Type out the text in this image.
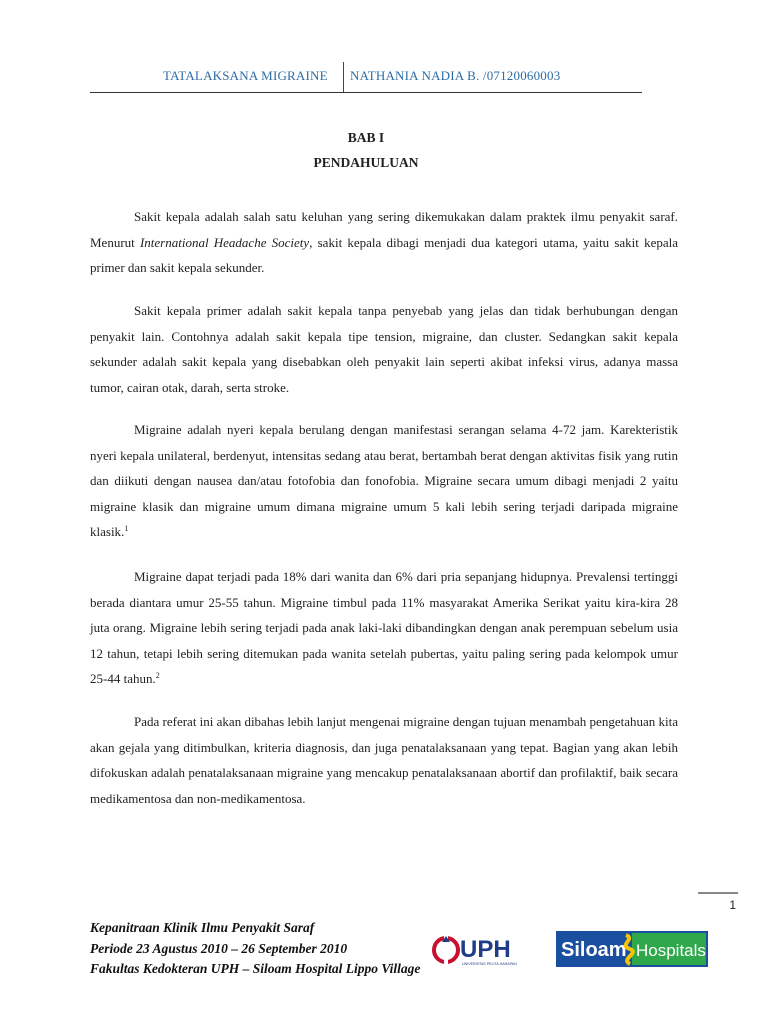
TATALAKSANA MIGRAINE NATHANIA NADIA B. /07120060003
BAB I
PENDAHULUAN

Sakit kepala adalah salah satu keluhan yang sering dikemukakan dalam praktek ilmu penyakit saraf. Menurut International Headache Society, sakit kepala dibagi menjadi dua kategori utama, yaitu sakit kepala primer dan sakit kepala sekunder.

Sakit kepala primer adalah sakit kepala tanpa penyebab yang jelas dan tidak berhubungan dengan penyakit lain. Contohnya adalah sakit kepala tipe tension, migraine, dan cluster. Sedangkan sakit kepala sekunder adalah sakit kepala yang disebabkan oleh penyakit lain seperti akibat infeksi virus, adanya massa tumor, cairan otak, darah, serta stroke.

Migraine adalah nyeri kepala berulang dengan manifestasi serangan selama 4-72 jam. Karekteristik nyeri kepala unilateral, berdenyut, intensitas sedang atau berat, bertambah berat dengan aktivitas fisik yang rutin dan diikuti dengan nausea dan/atau fotofobia dan fonofobia. Migraine secara umum dibagi menjadi 2 yaitu migraine klasik dan migraine umum dimana migraine umum 5 kali lebih sering terjadi daripada migraine klasik.$^1$

Migraine dapat terjadi pada 18% dari wanita dan 6% dari pria sepanjang hidupnya. Prevalensi tertinggi berada diantara umur 25-55 tahun. Migraine timbul pada 11% masyarakat Amerika Serikat yaitu kira-kira 28 juta orang. Migraine lebih sering terjadi pada anak laki-laki dibandingkan dengan anak perempuan sebelum usia 12 tahun, tetapi lebih sering ditemukan pada wanita setelah pubertas, yaitu paling sering pada kelompok umur 25-44 tahun.$^2$

Pada referat ini akan dibahas lebih lanjut mengenai migraine dengan tujuan menambah pengetahuan kita akan gejala yang ditimbulkan, kriteria diagnosis, dan juga penatalaksanaan yang tepat. Bagian yang akan lebih difokuskan adalah penatalaksanaan migraine yang mencakup penatalaksanaan abortif dan profilaktif, baik secara medikamentosa dan non-medikamentosa.

1
Kepanitraan Klinik Ilmu Penyakit Saraf
Periode 23 Agustus 2010 – 26 September 2010
Fakultas Kedokteran UPH – Siloam Hospital Lippo Village
UPH
UNIVERSITAS PELITA HARAPAN
Siloam Hospitals
